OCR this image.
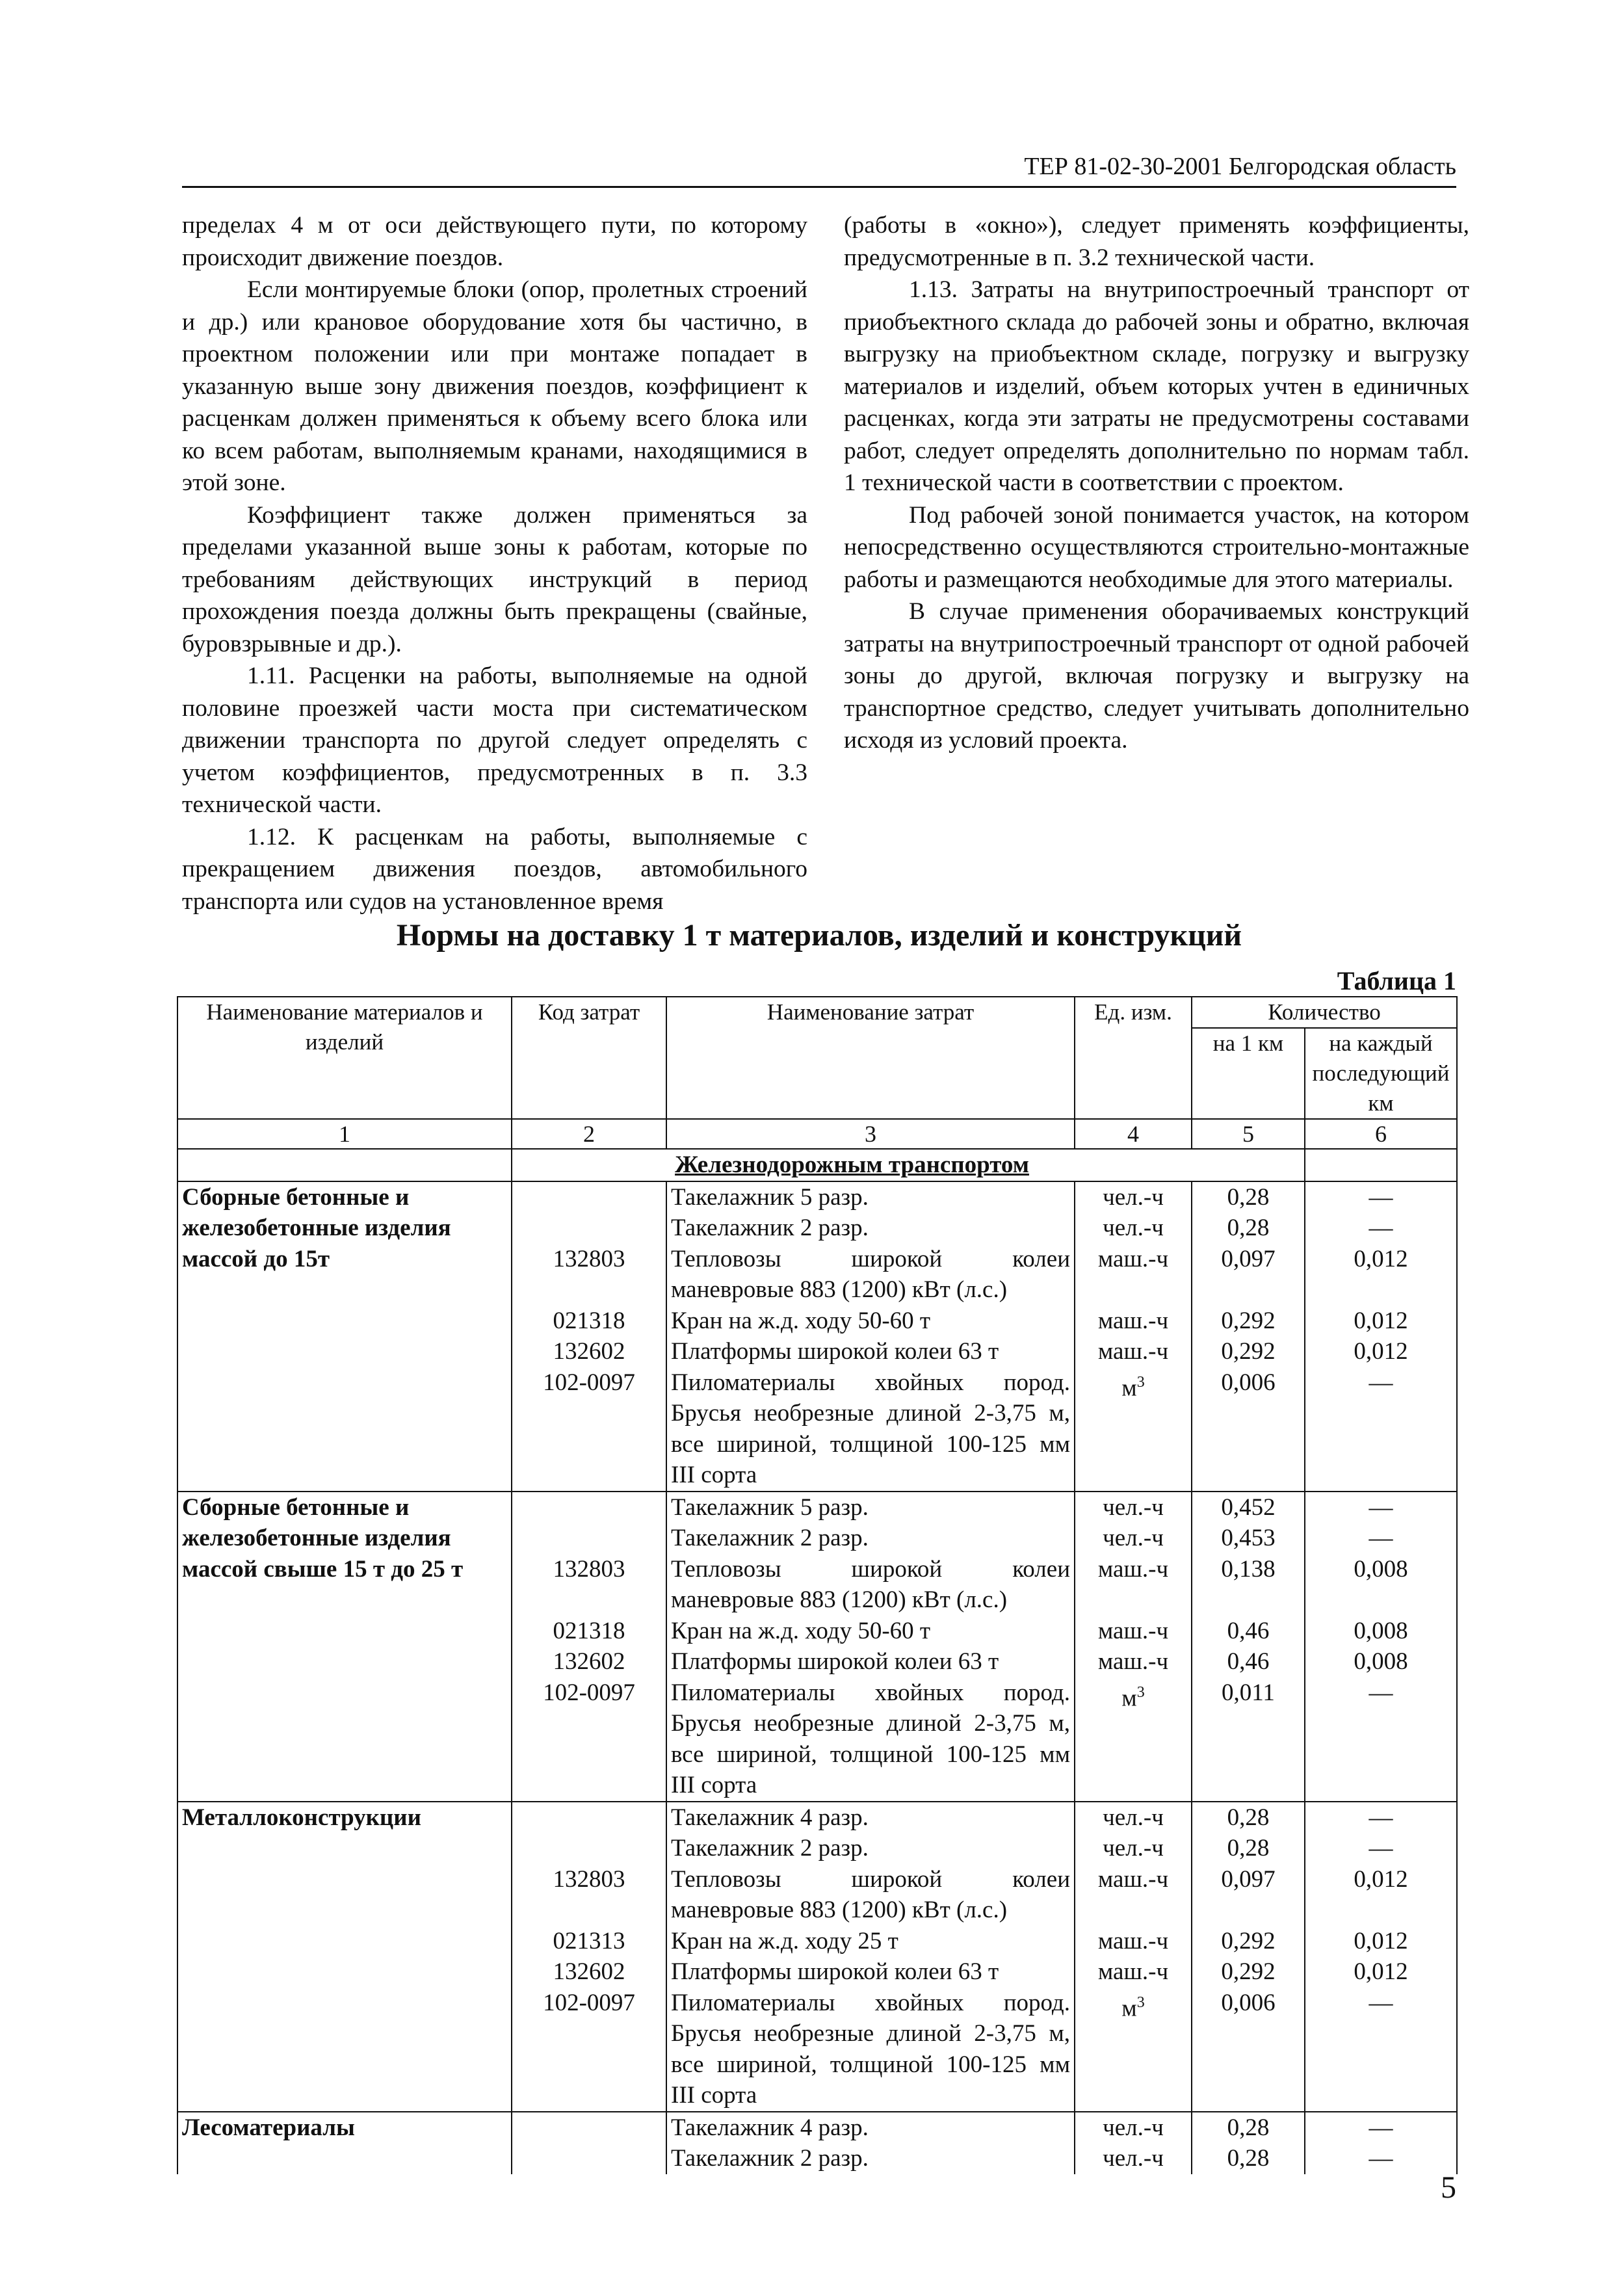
ТЕР 81-02-30-2001 Белгородская область

пределах 4 м от оси действующего пути, по которому происходит движение поездов.

Если монтируемые блоки (опор, пролетных строений и др.) или крановое оборудование хотя бы частично, в проектном положении или при монтаже попадает в указанную выше зону движения поездов, коэффициент к расценкам должен применяться к объему всего блока или ко всем работам, выполняемым кранами, находящимися в этой зоне.

Коэффициент также должен применяться за пределами указанной выше зоны к работам, которые по требованиям действующих инструкций в период прохождения поезда должны быть прекращены (свайные, буровзрывные и др.).

1.11. Расценки на работы, выполняемые на одной половине проезжей части моста при систематическом движении транспорта по другой следует определять с учетом коэффициентов, предусмотренных в п. 3.3 технической части.

1.12. К расценкам на работы, выполняемые с прекращением движения поездов, автомобильного транспорта или судов на установленное время

(работы в «окно»), следует применять коэффициенты, предусмотренные в п. 3.2 технической части.

1.13. Затраты на внутрипостроечный транспорт от приобъектного склада до рабочей зоны и обратно, включая выгрузку на приобъектном складе, погрузку и выгрузку материалов и изделий, объем которых учтен в единичных расценках, когда эти затраты не предусмотрены составами работ, следует определять дополнительно по нормам табл. 1 технической части в соответствии с проектом.

Под рабочей зоной понимается участок, на котором непосредственно осуществляются строительно-монтажные работы и размещаются необходимые для этого материалы.

В случае применения оборачиваемых конструкций затраты на внутрипостроечный транспорт от одной рабочей зоны до другой, включая погрузку и выгрузку на транспортное средство, следует учитывать дополнительно исходя из условий проекта.

Нормы на доставку 1 т материалов, изделий и конструкций
Таблица 1
Наименование материалов и изделий	Код затрат	Наименование затрат	Ед. изм.	Количество	
				на 1 км	на каждый последующий км
1	2	3	4	5	6
	Железнодорожным транспортом				
Сборные бетонные и железобетонные изделия массой до 15т		Такелажник 5 разр.	чел.-ч	0,28	—
		Такелажник 2 разр.	чел.-ч	0,28	—
	132803	Тепловозы широкой колеи маневровые 883 (1200) кВт (л.с.)	маш.-ч	0,097	0,012
	021318	Кран на ж.д. ходу 50-60 т	маш.-ч	0,292	0,012
	132602	Платформы широкой колеи 63 т	маш.-ч	0,292	0,012
	102-0097	Пиломатериалы хвойных пород. Брусья необрезные длиной 2-3,75 м, все шириной, толщиной 100-125 мм III сорта	$м^3$	0,006	—
Сборные бетонные и железобетонные изделия массой свыше 15 т до 25 т		Такелажник 5 разр.	чел.-ч	0,452	—
		Такелажник 2 разр.	чел.-ч	0,453	—
	132803	Тепловозы широкой колеи маневровые 883 (1200) кВт (л.с.)	маш.-ч	0,138	0,008
	021318	Кран на ж.д. ходу 50-60 т	маш.-ч	0,46	0,008
	132602	Платформы широкой колеи 63 т	маш.-ч	0,46	0,008
	102-0097	Пиломатериалы хвойных пород. Брусья необрезные длиной 2-3,75 м, все шириной, толщиной 100-125 мм III сорта	$м^3$	0,011	—
Металлоконструкции		Такелажник 4 разр.	чел.-ч	0,28	—
		Такелажник 2 разр.	чел.-ч	0,28	—
	132803	Тепловозы широкой колеи маневровые 883 (1200) кВт (л.с.)	маш.-ч	0,097	0,012
	021313	Кран на ж.д. ходу 25 т	маш.-ч	0,292	0,012
	132602	Платформы широкой колеи 63 т	маш.-ч	0,292	0,012
	102-0097	Пиломатериалы хвойных пород. Брусья необрезные длиной 2-3,75 м, все шириной, толщиной 100-125 мм III сорта	$м^3$	0,006	—
Лесоматериалы		Такелажник 4 разр.	чел.-ч	0,28	—
		Такелажник 2 разр.	чел.-ч	0,28	—
5
